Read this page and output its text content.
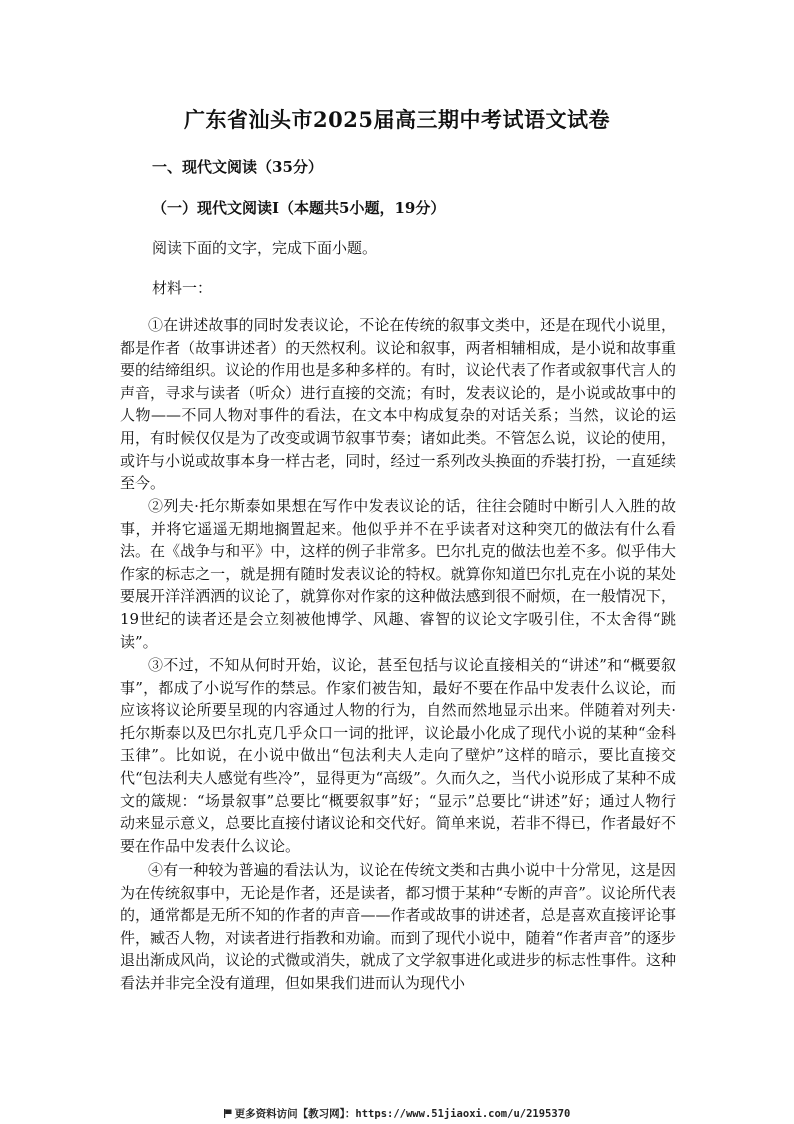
广东省汕头市2025届高三期中考试语文试卷
一、现代文阅读（35分）
（一）现代文阅读Ⅰ（本题共5小题，19分）
阅读下面的文字，完成下面小题。
材料一：
①在讲述故事的同时发表议论，不论在传统的叙事文类中，还是在现代小说里，都是作者（故事讲述者）的天然权利。议论和叙事，两者相辅相成，是小说和故事重要的结缔组织。议论的作用也是多种多样的。有时，议论代表了作者或叙事代言人的声音，寻求与读者（听众）进行直接的交流；有时，发表议论的，是小说或故事中的人物——不同人物对事件的看法，在文本中构成复杂的对话关系；当然，议论的运用，有时候仅仅是为了改变或调节叙事节奏；诸如此类。不管怎么说，议论的使用，或许与小说或故事本身一样古老，同时，经过一系列改头换面的乔装打扮，一直延续至今。
②列夫·托尔斯泰如果想在写作中发表议论的话，往往会随时中断引人入胜的故事，并将它遥遥无期地搁置起来。他似乎并不在乎读者对这种突兀的做法有什么看法。在《战争与和平》中，这样的例子非常多。巴尔扎克的做法也差不多。似乎伟大作家的标志之一，就是拥有随时发表议论的特权。就算你知道巴尔扎克在小说的某处要展开洋洋洒洒的议论了，就算你对作家的这种做法感到很不耐烦，在一般情况下，19世纪的读者还是会立刻被他博学、风趣、睿智的议论文字吸引住，不太舍得“跳读”。
③不过，不知从何时开始，议论，甚至包括与议论直接相关的“讲述”和“概要叙事”，都成了小说写作的禁忌。作家们被告知，最好不要在作品中发表什么议论，而应该将议论所要呈现的内容通过人物的行为，自然而然地显示出来。伴随着对列夫·托尔斯泰以及巴尔扎克几乎众口一词的批评，议论最小化成了现代小说的某种“金科玉律”。比如说，在小说中做出“包法利夫人走向了壁炉”这样的暗示，要比直接交代“包法利夫人感觉有些冷”，显得更为“高级”。久而久之，当代小说形成了某种不成文的箴规：“场景叙事”总要比“概要叙事”好；“显示”总要比“讲述”好；通过人物行动来显示意义，总要比直接付诸议论和交代好。简单来说，若非不得已，作者最好不要在作品中发表什么议论。
④有一种较为普遍的看法认为，议论在传统文类和古典小说中十分常见，这是因为在传统叙事中，无论是作者，还是读者，都习惯于某种“专断的声音”。议论所代表的，通常都是无所不知的作者的声音——作者或故事的讲述者，总是喜欢直接评论事件，臧否人物，对读者进行指教和劝谕。而到了现代小说中，随着“作者声音”的逐步退出渐成风尚，议论的式微或消失，就成了文学叙事进化或进步的标志性事件。这种看法并非完全没有道理，但如果我们进而认为现代小
更多资料访问【教习网】：https://www.51jiaoxi.com/u/2195370
